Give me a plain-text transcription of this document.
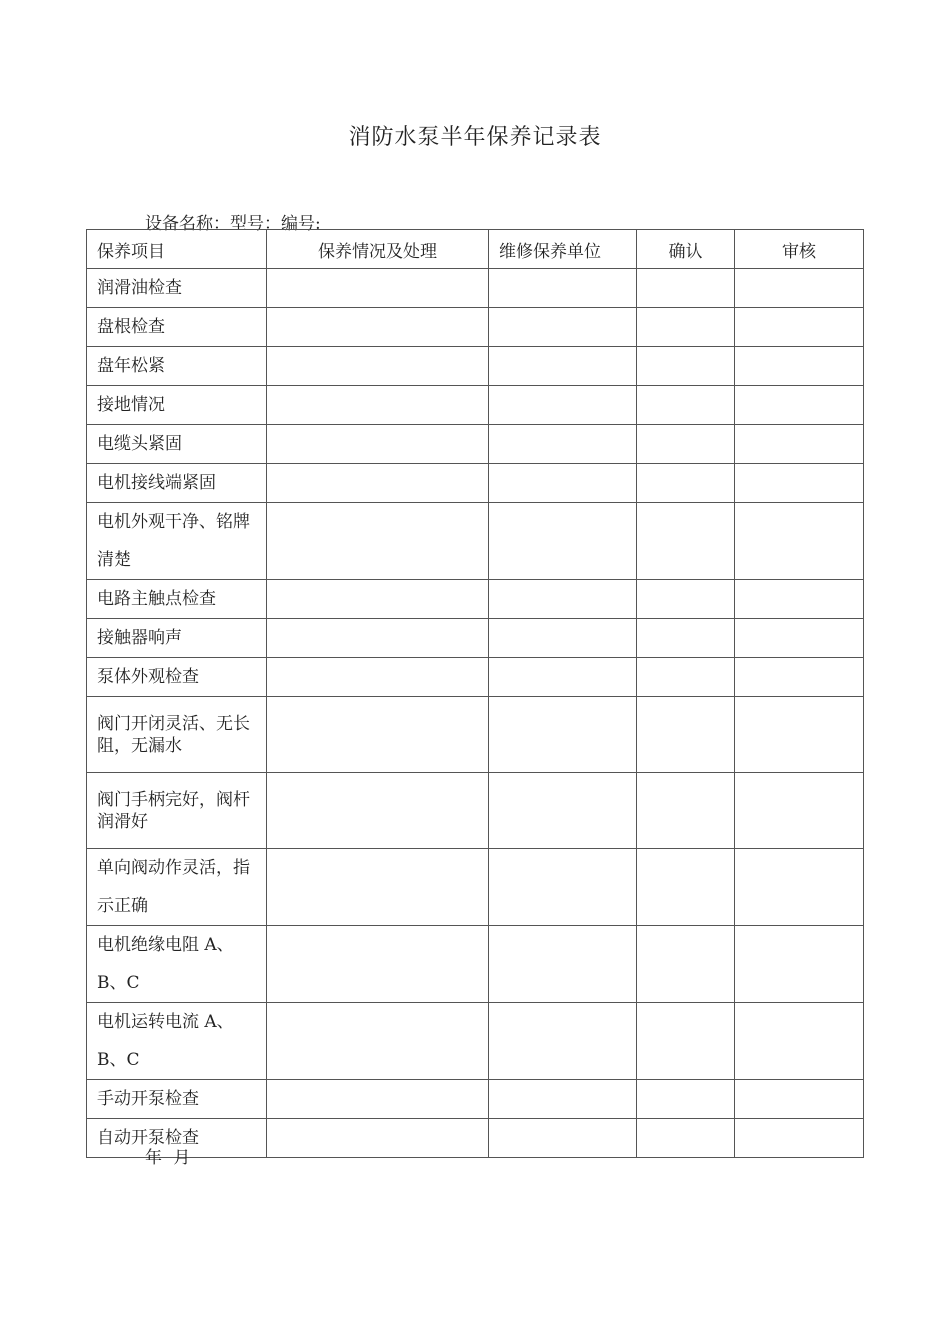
消防水泵半年保养记录表
设备名称：型号：编号:
保养项目	保养情况及处理	维修保养单位	确认	审核
润滑油检查				
盘根检查				
盘年松紧				
接地情况				
电缆头紧固				
电机接线端紧固				
电机外观干净、铭牌 清楚				
电路主触点检查				
接触器响声				
泵体外观检查				
阀门开闭灵活、无长阻，无漏水				
阀门手柄完好，阀杆润滑好				
单向阀动作灵活，指 示正确				
电机绝缘电阻 A、B、C				
电机运转电流 A、B、C				
手动开泵检查				
自动开泵检查				
年 月
